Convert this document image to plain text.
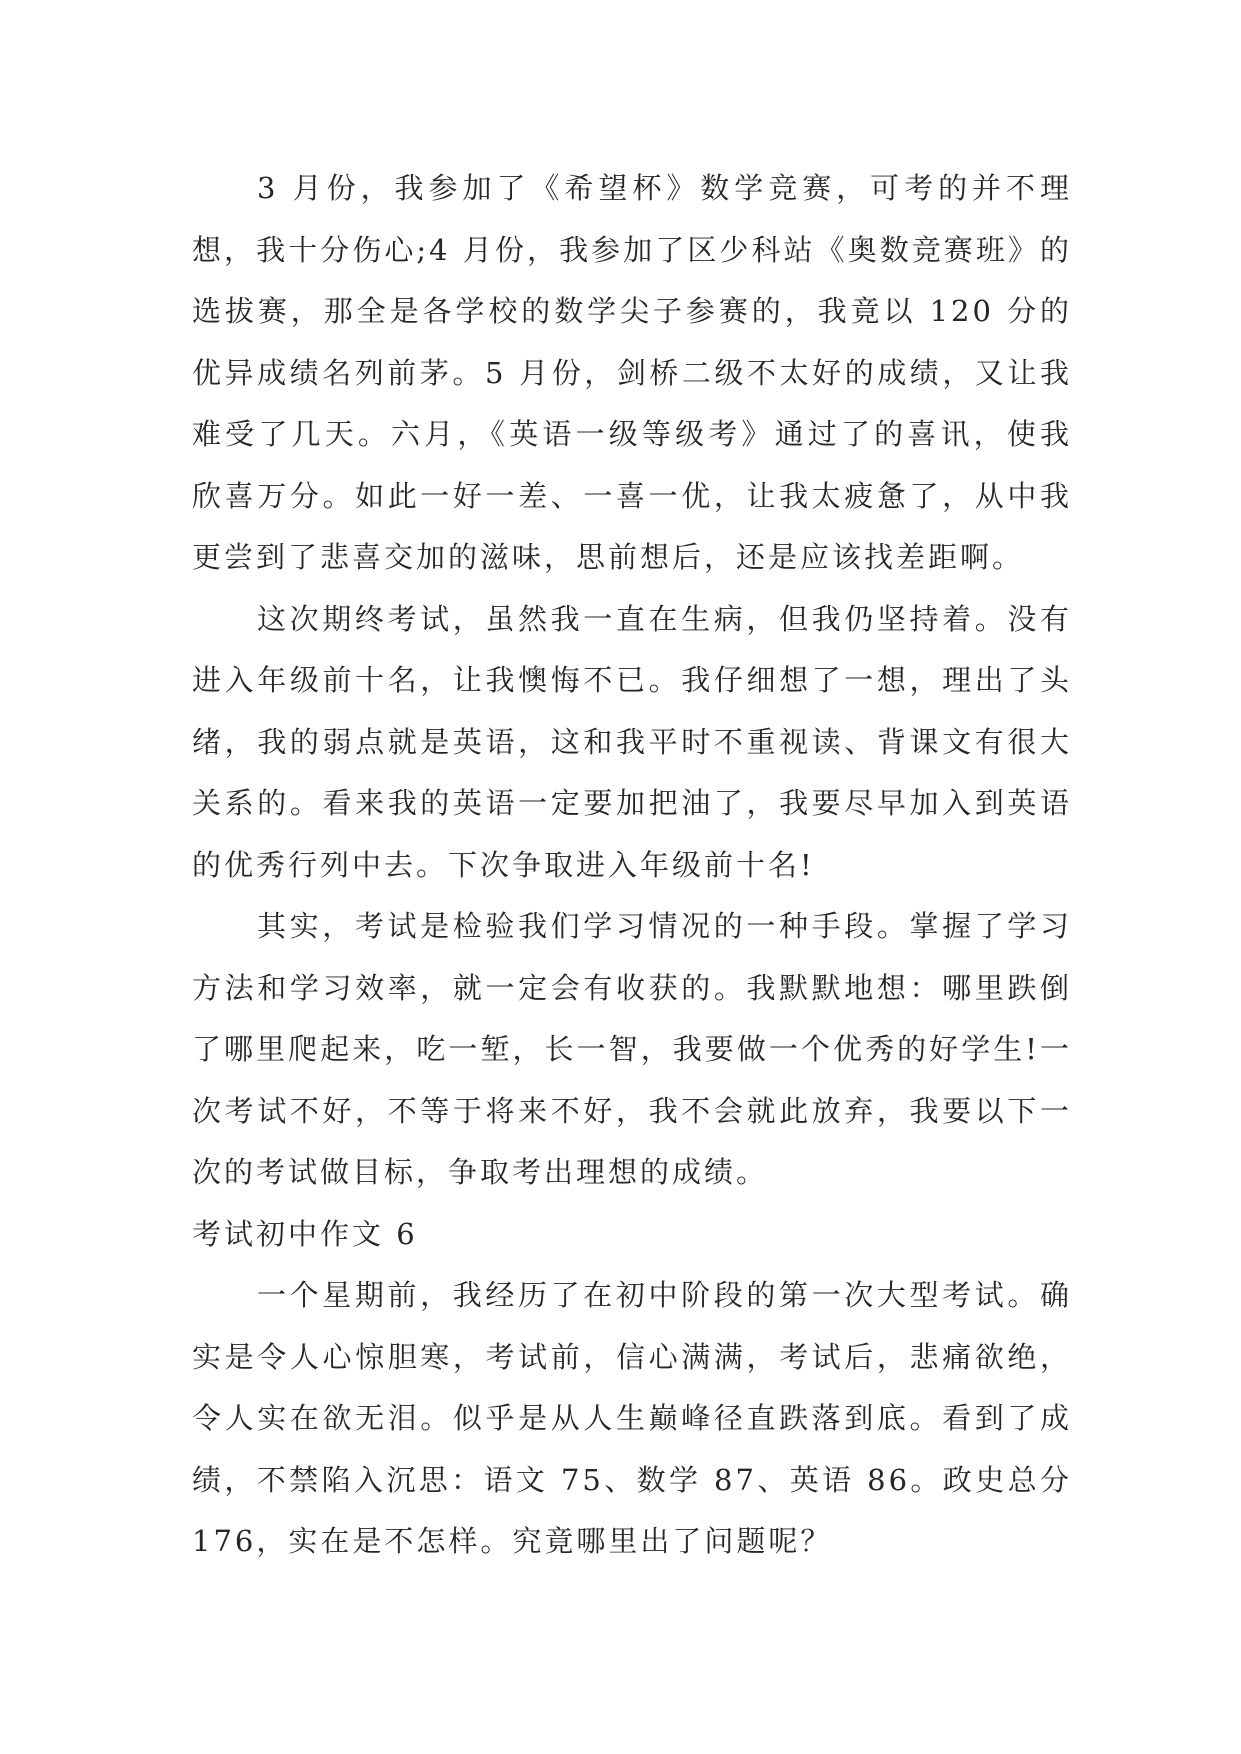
3 月份，我参加了《希望杯》数学竞赛，可考的并不理想，我十分伤心;4 月份，我参加了区少科站《奥数竞赛班》的选拔赛，那全是各学校的数学尖子参赛的，我竟以 120 分的优异成绩名列前茅。5 月份，剑桥二级不太好的成绩，又让我难受了几天。六月，《英语一级等级考》通过了的喜讯，使我欣喜万分。如此一好一差、一喜一优，让我太疲惫了，从中我更尝到了悲喜交加的滋味，思前想后，还是应该找差距啊。

这次期终考试，虽然我一直在生病，但我仍坚持着。没有进入年级前十名，让我懊悔不已。我仔细想了一想，理出了头绪，我的弱点就是英语，这和我平时不重视读、背课文有很大关系的。看来我的英语一定要加把油了，我要尽早加入到英语的优秀行列中去。下次争取进入年级前十名!

其实，考试是检验我们学习情况的一种手段。掌握了学习方法和学习效率，就一定会有收获的。我默默地想：哪里跌倒了哪里爬起来，吃一堑，长一智，我要做一个优秀的好学生!一次考试不好，不等于将来不好，我不会就此放弃，我要以下一次的考试做目标，争取考出理想的成绩。

考试初中作文 6

一个星期前，我经历了在初中阶段的第一次大型考试。确实是令人心惊胆寒，考试前，信心满满，考试后，悲痛欲绝，令人实在欲无泪。似乎是从人生巅峰径直跌落到底。看到了成绩，不禁陷入沉思：语文 75、数学 87、英语 86。政史总分 176，实在是不怎样。究竟哪里出了问题呢？
